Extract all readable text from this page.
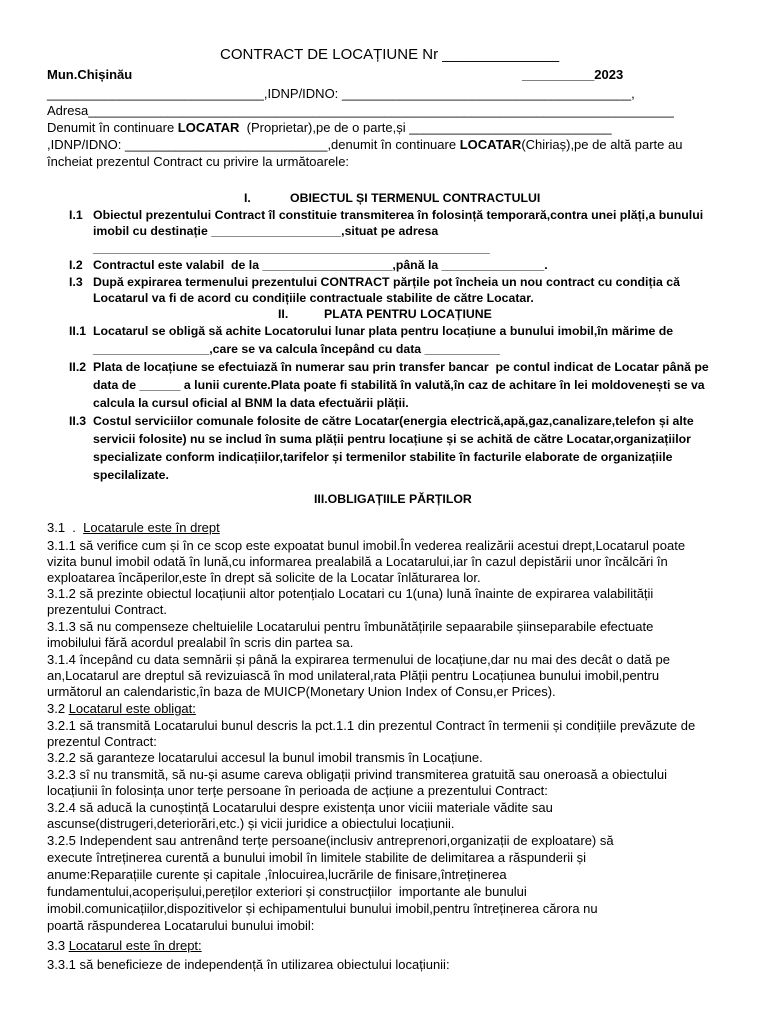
CONTRACT DE LOCAȚIUNE Nr ______________
Mun.Chișinău	__________2023
______________________________,IDNP/IDNO: ________________________________________,
Adresa_________________________________________________________________________________
Denumit în continuare LOCATAR  (Proprietar),pe de o parte,și ____________________________
,IDNP/IDNO: ____________________________,denumit în continuare LOCATAR(Chiriaș),pe de altă parte au
încheiat prezentul Contract cu privire la următoarele:
I.	OBIECTUL ȘI TERMENUL CONTRACTULUI
I.1 Obiectul prezentului Contract îl constituie transmiterea în folosință temporară,contra unei plăți,a bunului
imobil cu destinație ___________________,situat pe adresa
__________________________________________________________
I.2 Contractul este valabil  de la ___________________,până la _______________.
I.3 După expirarea termenului prezentului CONTRACT părțile pot încheia un nou contract cu condiția că
Locatarul va fi de acord cu condițiile contractuale stabilite de către Locatar.
II.	PLATA PENTRU LOCAȚIUNE
II.1 Locatarul se obligă să achite Locatorului lunar plata pentru locațiune a bunului imobil,în mărime de
_________________,care se va calcula începând cu data ___________
II.2 Plata de locațiune se efectuiază în numerar sau prin transfer bancar  pe contul indicat de Locatar până pe
data de ______ a lunii curente.Plata poate fi stabilită în valută,în caz de achitare în lei moldovenești se va
calcula la cursul oficial al BNM la data efectuării plății.
II.3 Costul serviciilor comunale folosite de către Locatar(energia electrică,apă,gaz,canalizare,telefon și alte
servicii folosite) nu se includ în suma plății pentru locațiune și se achită de către Locatar,organizațiilor
specializate conform indicațiilor,tarifelor și termenilor stabilite în facturile elaborate de organizațiile
specilalizate.
III.OBLIGAȚIILE PĂRȚILOR
3.1  .  Locatarule este în drept
3.1.1 să verifice cum și în ce scop este expoatat bunul imobil.În vederea realizării acestui drept,Locatarul poate
vizita bunul imobil odată în lună,cu informarea prealabilă a Locatarului,iar în cazul depistării unor încălcări în
exploatarea încăperilor,este în drept să solicite de la Locatar înlăturarea lor.
3.1.2 să prezinte obiectul locațiunii altor potențialo Locatari cu 1(una) lună înainte de expirarea valabilității
prezentului Contract.
3.1.3 să nu compenseze cheltuielile Locatarului pentru îmbunătățirile sepaarabile șiinseparabile efectuate
imobilului fără acordul prealabil în scris din partea sa.
3.1.4 începând cu data semnării și până la expirarea termenului de locațiune,dar nu mai des decât o dată pe
an,Locatarul are dreptul să revizuiască în mod unilateral,rata Plății pentru Locațiunea bunului imobil,pentru
următorul an calendaristic,în baza de MUICP(Monetary Union Index of Consu,er Prices).
3.2 Locatarul este obligat:
3.2.1 să transmită Locatarului bunul descris la pct.1.1 din prezentul Contract în termenii și condițiile prevăzute de
prezentul Contract:
3.2.2 să garanteze locatarului accesul la bunul imobil transmis în Locațiune.
3.2.3 sî nu transmită, să nu-și asume careva obligații privind transmiterea gratuită sau oneroasă a obiectului
locațiunii în folosința unor terțe persoane în perioada de acțiune a prezentului Contract:
3.2.4 să aducă la cunoștință Locatarului despre existența unor viciii materiale vădite sau
ascunse(distrugeri,deteriorări,etc.) și vicii juridice a obiectului locațiunii.
3.2.5 Independent sau antrenând terțe persoane(inclusiv antreprenori,organizații de exploatare) să
execute întreținerea curentă a bunului imobil în limitele stabilite de delimitarea a răspunderii și
anume:Reparațiile curente și capitale ,înlocuirea,lucrările de finisare,întreținerea
fundamentului,acoperișului,pereților exteriori și construcțiilor  importante ale bunului
imobil.comunicațiilor,dispozitivelor și echipamentului bunului imobil,pentru întreținerea cărora nu
poartă răspunderea Locatarului bunului imobil:
3.3 Locatarul este în drept:
3.3.1 să beneficieze de independență în utilizarea obiectului locațiunii:
